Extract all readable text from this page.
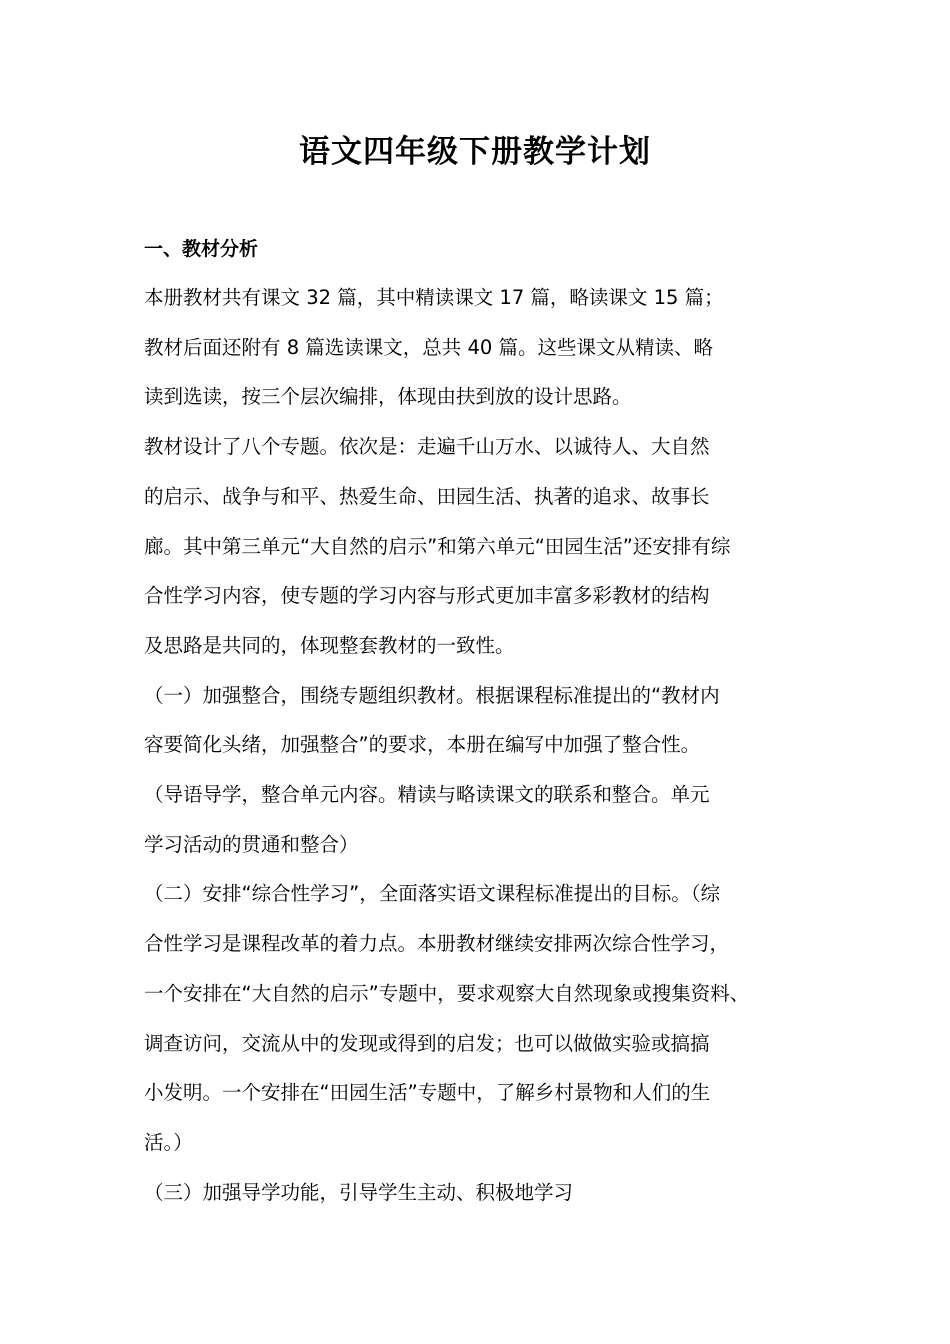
语文四年级下册教学计划

一、教材分析

本册教材共有课文 32 篇，其中精读课文 17 篇，略读课文 15 篇；

教材后面还附有 8 篇选读课文，总共 40 篇。这些课文从精读、略

读到选读，按三个层次编排，体现由扶到放的设计思路。

教材设计了八个专题。依次是：走遍千山万水、以诚待人、大自然

的启示、战争与和平、热爱生命、田园生活、执著的追求、故事长

廊。其中第三单元“大自然的启示”和第六单元“田园生活”还安排有综

合性学习内容，使专题的学习内容与形式更加丰富多彩教材的结构

及思路是共同的，体现整套教材的一致性。

（一）加强整合，围绕专题组织教材。根据课程标准提出的“教材内

容要简化头绪，加强整合”的要求，本册在编写中加强了整合性。

（导语导学，整合单元内容。精读与略读课文的联系和整合。单元

学习活动的贯通和整合）

（二）安排“综合性学习”，全面落实语文课程标准提出的目标。（综

合性学习是课程改革的着力点。本册教材继续安排两次综合性学习，

一个安排在“大自然的启示”专题中，要求观察大自然现象或搜集资料、

调查访问，交流从中的发现或得到的启发；也可以做做实验或搞搞

小发明。一个安排在“田园生活”专题中，了解乡村景物和人们的生

活。）

（三）加强导学功能，引导学生主动、积极地学习
